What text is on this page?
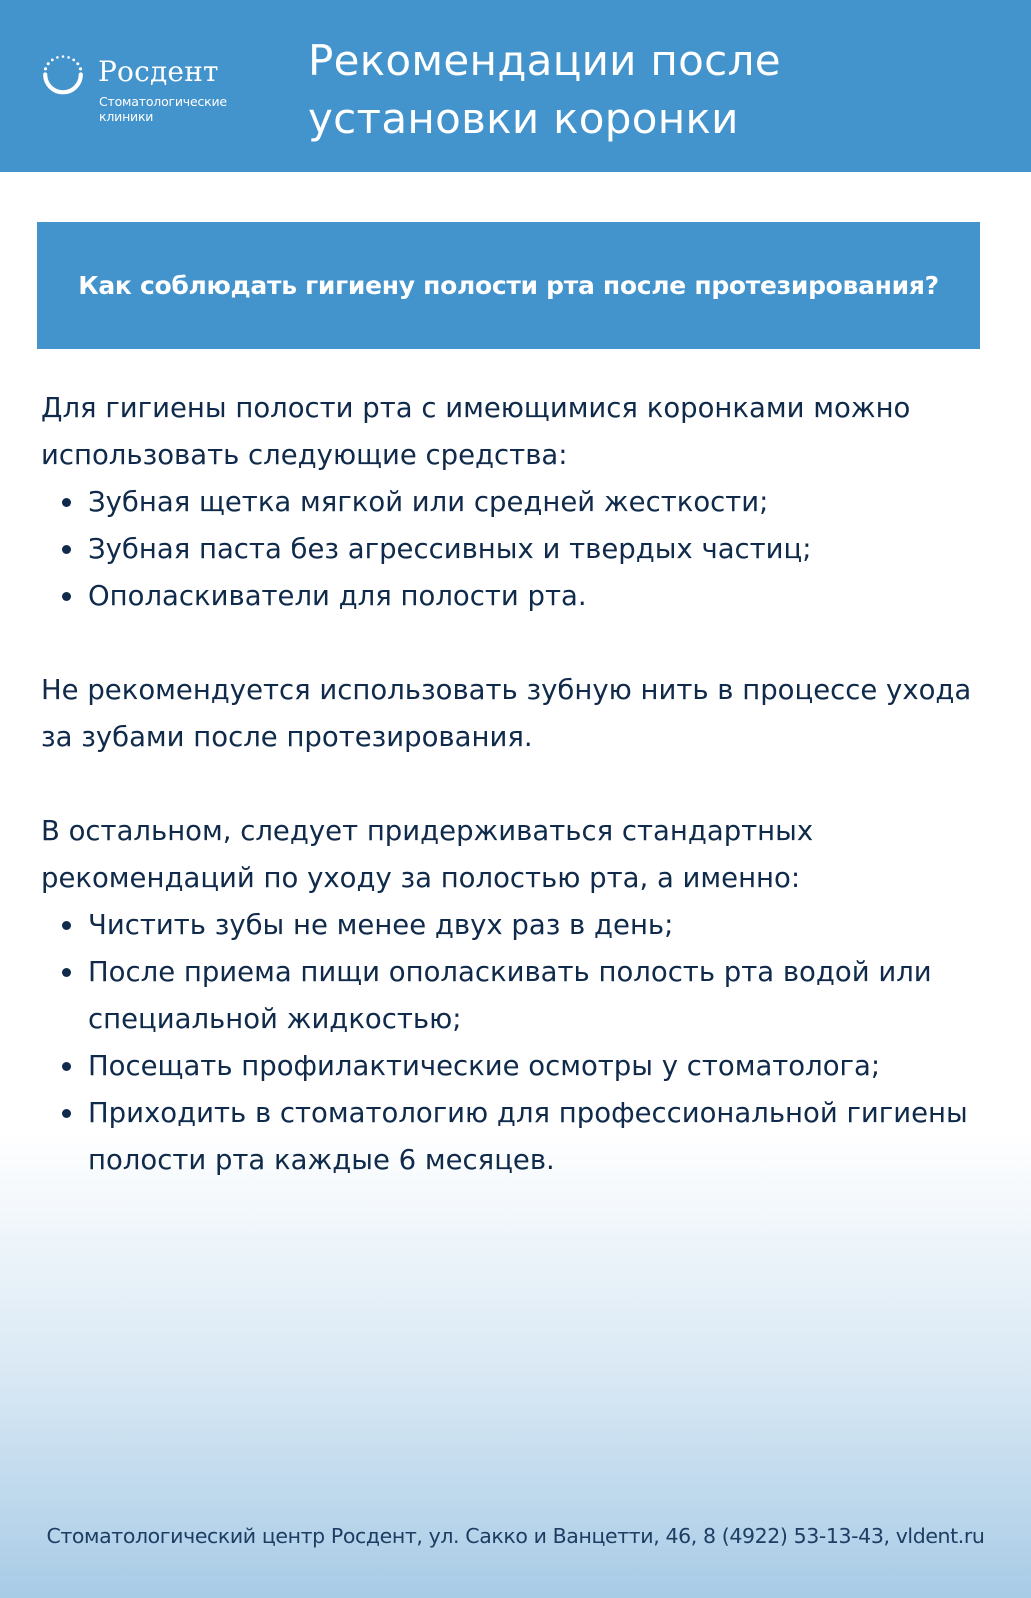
Росдент
Стоматологические клиники
Рекомендации после установки коронки
Как соблюдать гигиену полости рта после протезирования?

Для гигиены полости рта с имеющимися коронками можно использовать следующие средства:

Зубная щетка мягкой или средней жесткости;
Зубная паста без агрессивных и твердых частиц;
Ополаскиватели для полости рта.

Не рекомендуется использовать зубную нить в процессе ухода за зубами после протезирования.

В остальном, следует придерживаться стандартных рекомендаций по уходу за полостью рта, а именно:

Чистить зубы не менее двух раз в день;
После приема пищи ополаскивать полость рта водой или специальной жидкостью;
Посещать профилактические осмотры у стоматолога;
Приходить в стоматологию для профессиональной гигиены полости рта каждые 6 месяцев.
Стоматологический центр Росдент, ул. Сакко и Ванцетти, 46, 8 (4922) 53-13-43, vldent.ru
